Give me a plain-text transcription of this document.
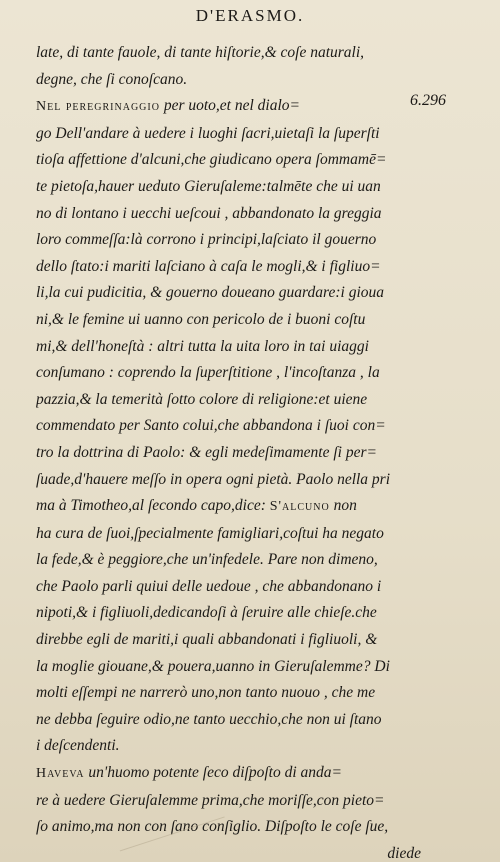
D'ERASMO.
6.296
late, di tante fauole, di tante hiſtorie,& coſe naturali,
degne, che ſi conoſcano.
Nel peregrinaggio per uoto,et nel dialo=
go Dell'andare à uedere i luoghi ſacri,uietaſi la ſuperſti
tioſa affettione d'alcuni,che giudicano opera ſommamē=
te pietoſa,hauer ueduto Gieruſaleme:talmēte che ui uan
no di lontano i uecchi ueſcoui , abbandonato la greggia
loro commeſſa:là corrono i principi,laſciato il gouerno
dello ſtato:i mariti laſciano à caſa le mogli,& i figliuo=
li,la cui pudicitia, & gouerno doueano guardare:i gioua
ni,& le femine ui uanno con pericolo de i buoni coſtu
mi,& dell'honeſtà : altri tutta la uita loro in tai uiaggi
conſumano : coprendo la ſuperſtitione , l'incoſtanza , la
pazzia,& la temerità ſotto colore di religione:et uiene
commendato per Santo colui,che abbandona i ſuoi con=
tro la dottrina di Paolo: & egli medeſimamente ſi per=
ſuade,d'hauere meſſo in opera ogni pietà. Paolo nella pri
ma à Timotheo,al ſecondo capo,dice: S'alcuno non
ha cura de ſuoi,ſpecialmente famigliari,coſtui ha negato
la fede,& è peggiore,che un'infedele. Pare non dimeno,
che Paolo parli quiui delle uedoue , che abbandonano i
nipoti,& i figliuoli,dedicandoſi à ſeruire alle chieſe.che
direbbe egli de mariti,i quali abbandonati i figliuoli, &
la moglie giouane,& pouera,uanno in Gieruſalemme? Di
molti eſſempi ne narrerò uno,non tanto nuouo , che me
ne debba ſeguire odio,ne tanto uecchio,che non ui ſtano
i deſcendenti.
Haveva un'huomo potente ſeco diſpoſto di anda=
re à uedere Gieruſalemme prima,che moriſſe,con pieto=
ſo animo,ma non con ſano conſiglio. Diſpoſto le coſe ſue,
diede
